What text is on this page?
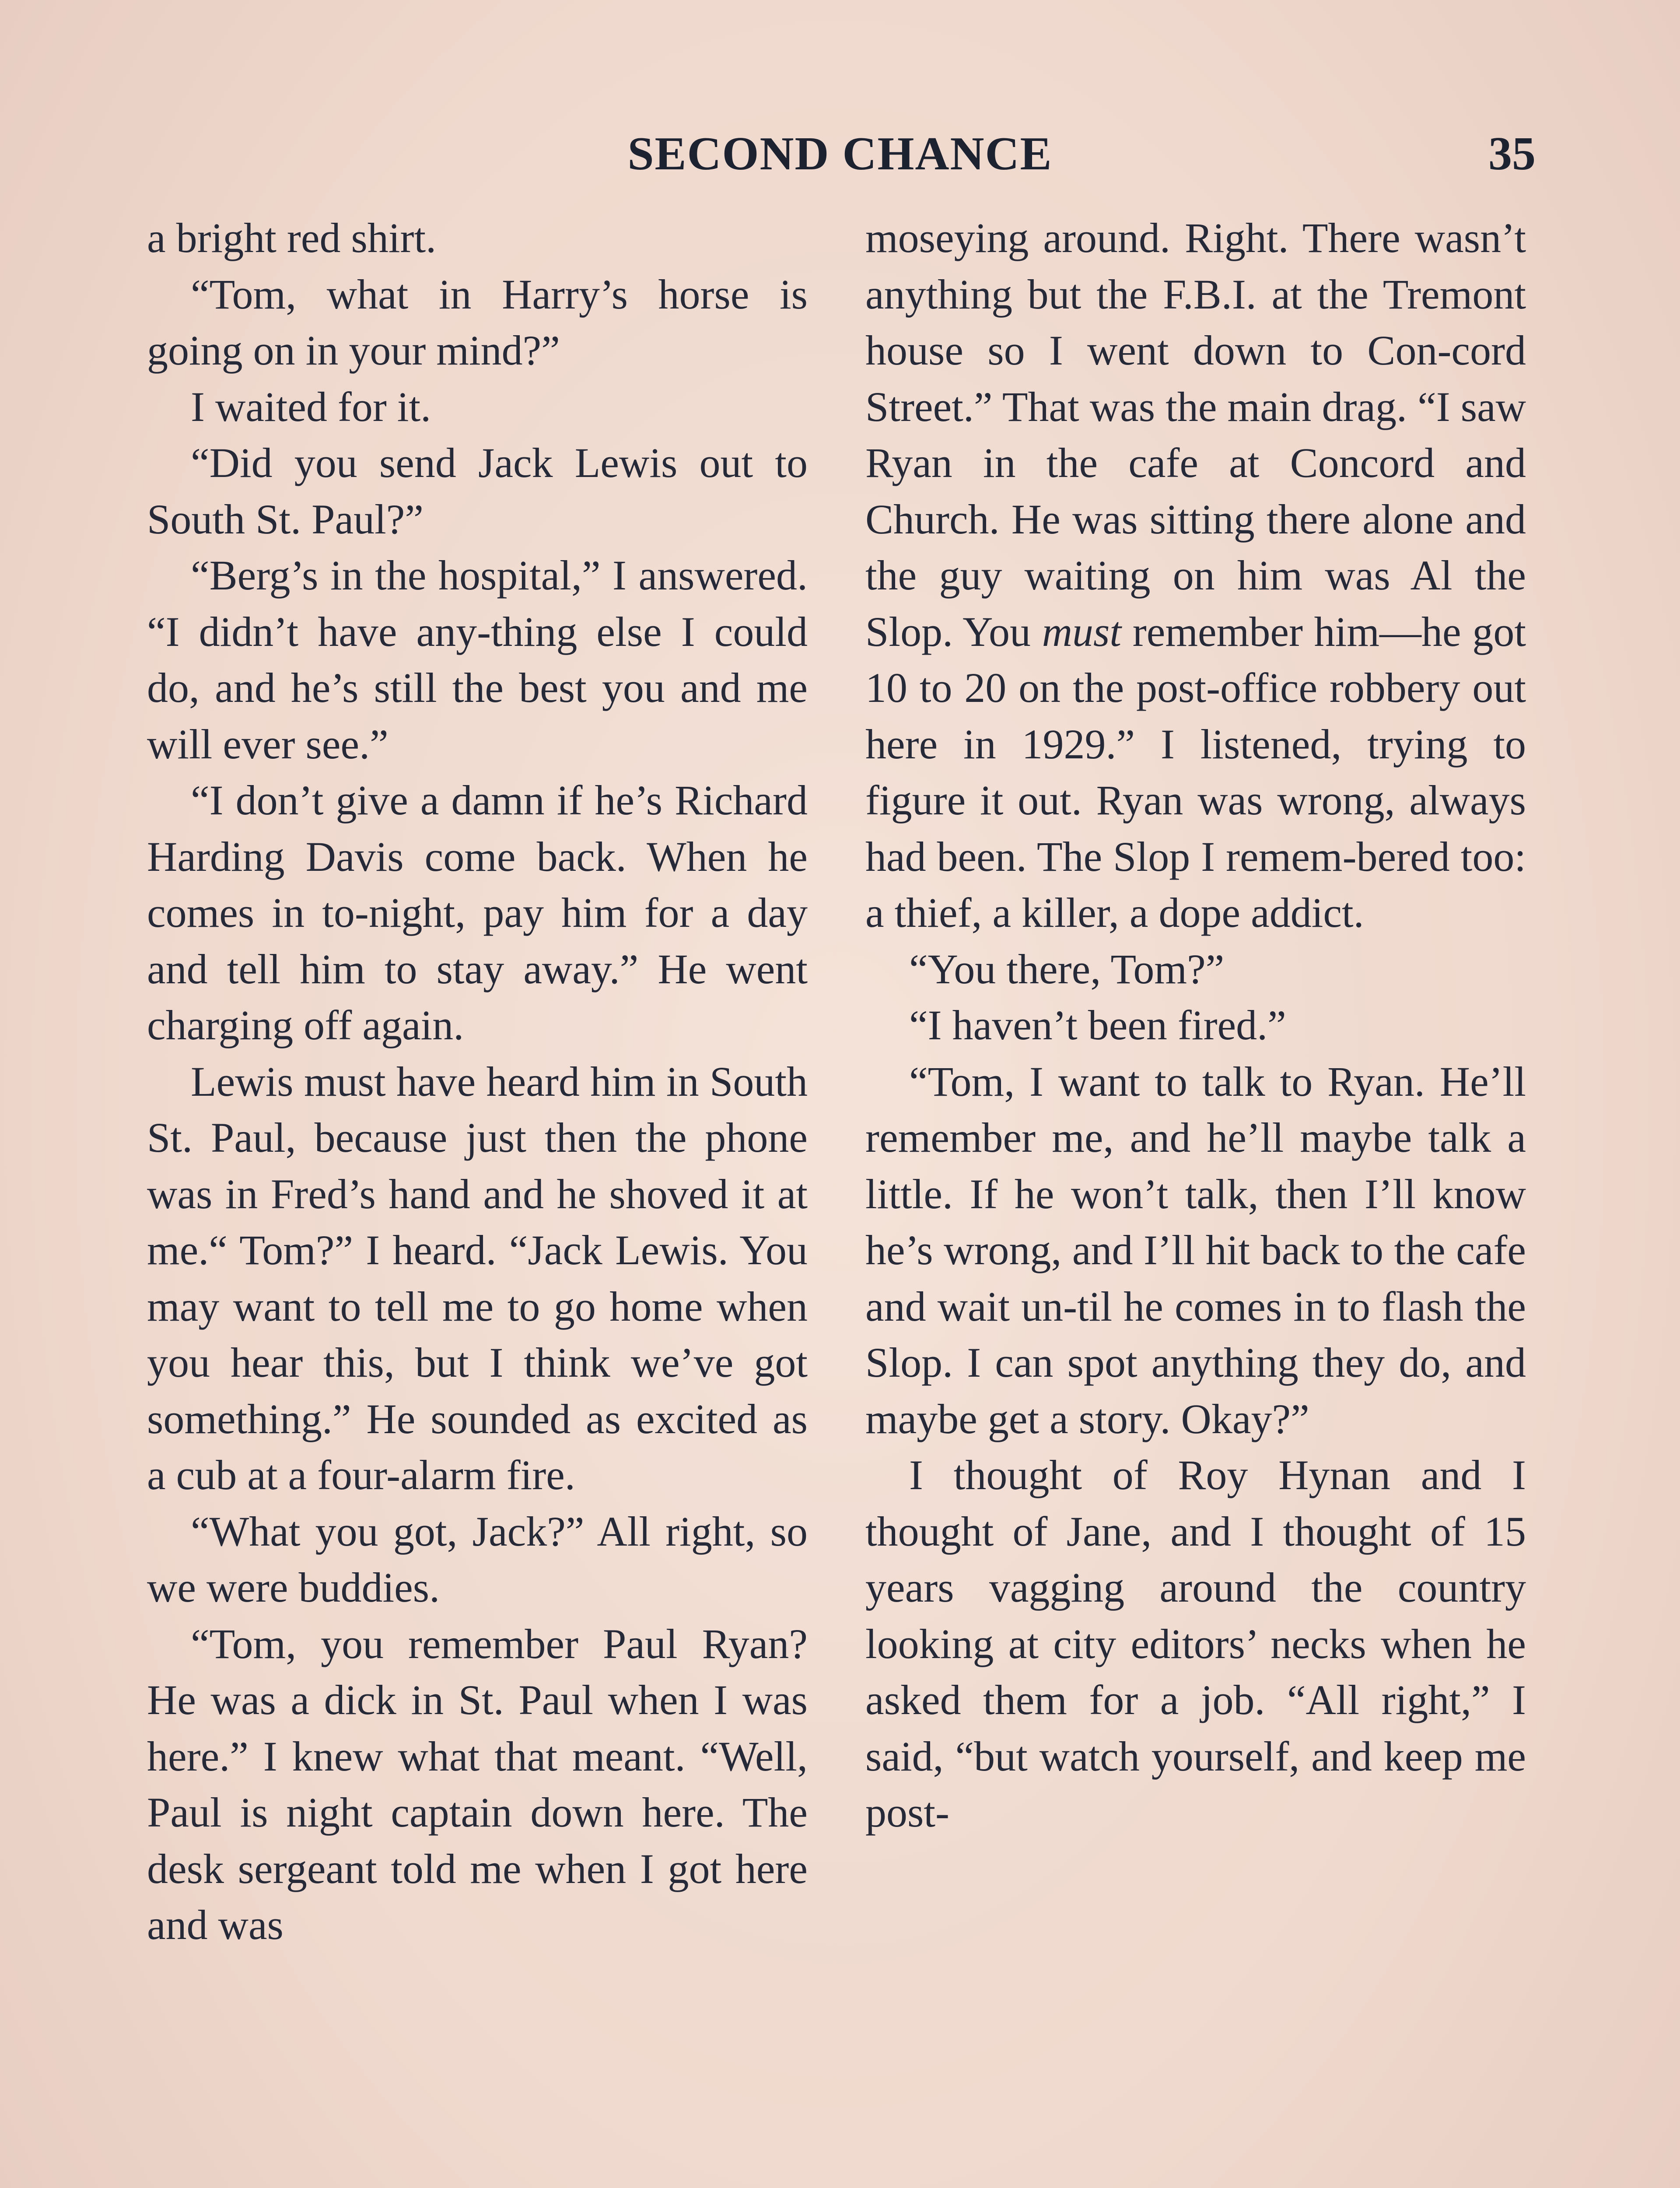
SECOND CHANCE	35

a bright red shirt.

“Tom, what in Harry’s horse is going on in your mind?”

I waited for it.

“Did you send Jack Lewis out to South St. Paul?”

“Berg’s in the hospital,” I answered. “I didn’t have any-thing else I could do, and he’s still the best you and me will ever see.”

“I don’t give a damn if he’s Richard Harding Davis come back. When he comes in to-night, pay him for a day and tell him to stay away.” He went charging off again.

Lewis must have heard him in South St. Paul, because just then the phone was in Fred’s hand and he shoved it at me.“ Tom?” I heard. “Jack Lewis. You may want to tell me to go home when you hear this, but I think we’ve got something.” He sounded as excited as a cub at a four-alarm fire.

“What you got, Jack?” All right, so we were buddies.

“Tom, you remember Paul Ryan? He was a dick in St. Paul when I was here.” I knew what that meant. “Well, Paul is night captain down here. The desk sergeant told me when I got here and was

moseying around. Right. There wasn’t anything but the F.B.I. at the Tremont house so I went down to Con-cord Street.” That was the main drag. “I saw Ryan in the cafe at Concord and Church. He was sitting there alone and the guy waiting on him was Al the Slop. You must remember him—he got 10 to 20 on the post-office robbery out here in 1929.” I listened, trying to figure it out. Ryan was wrong, always had been. The Slop I remem-bered too: a thief, a killer, a dope addict.

“You there, Tom?”

“I haven’t been fired.”

“Tom, I want to talk to Ryan. He’ll remember me, and he’ll maybe talk a little. If he won’t talk, then I’ll know he’s wrong, and I’ll hit back to the cafe and wait un-til he comes in to flash the Slop. I can spot anything they do, and maybe get a story. Okay?”

I thought of Roy Hynan and I thought of Jane, and I thought of 15 years vagging around the country looking at city editors’ necks when he asked them for a job. “All right,” I said, “but watch yourself, and keep me post-
